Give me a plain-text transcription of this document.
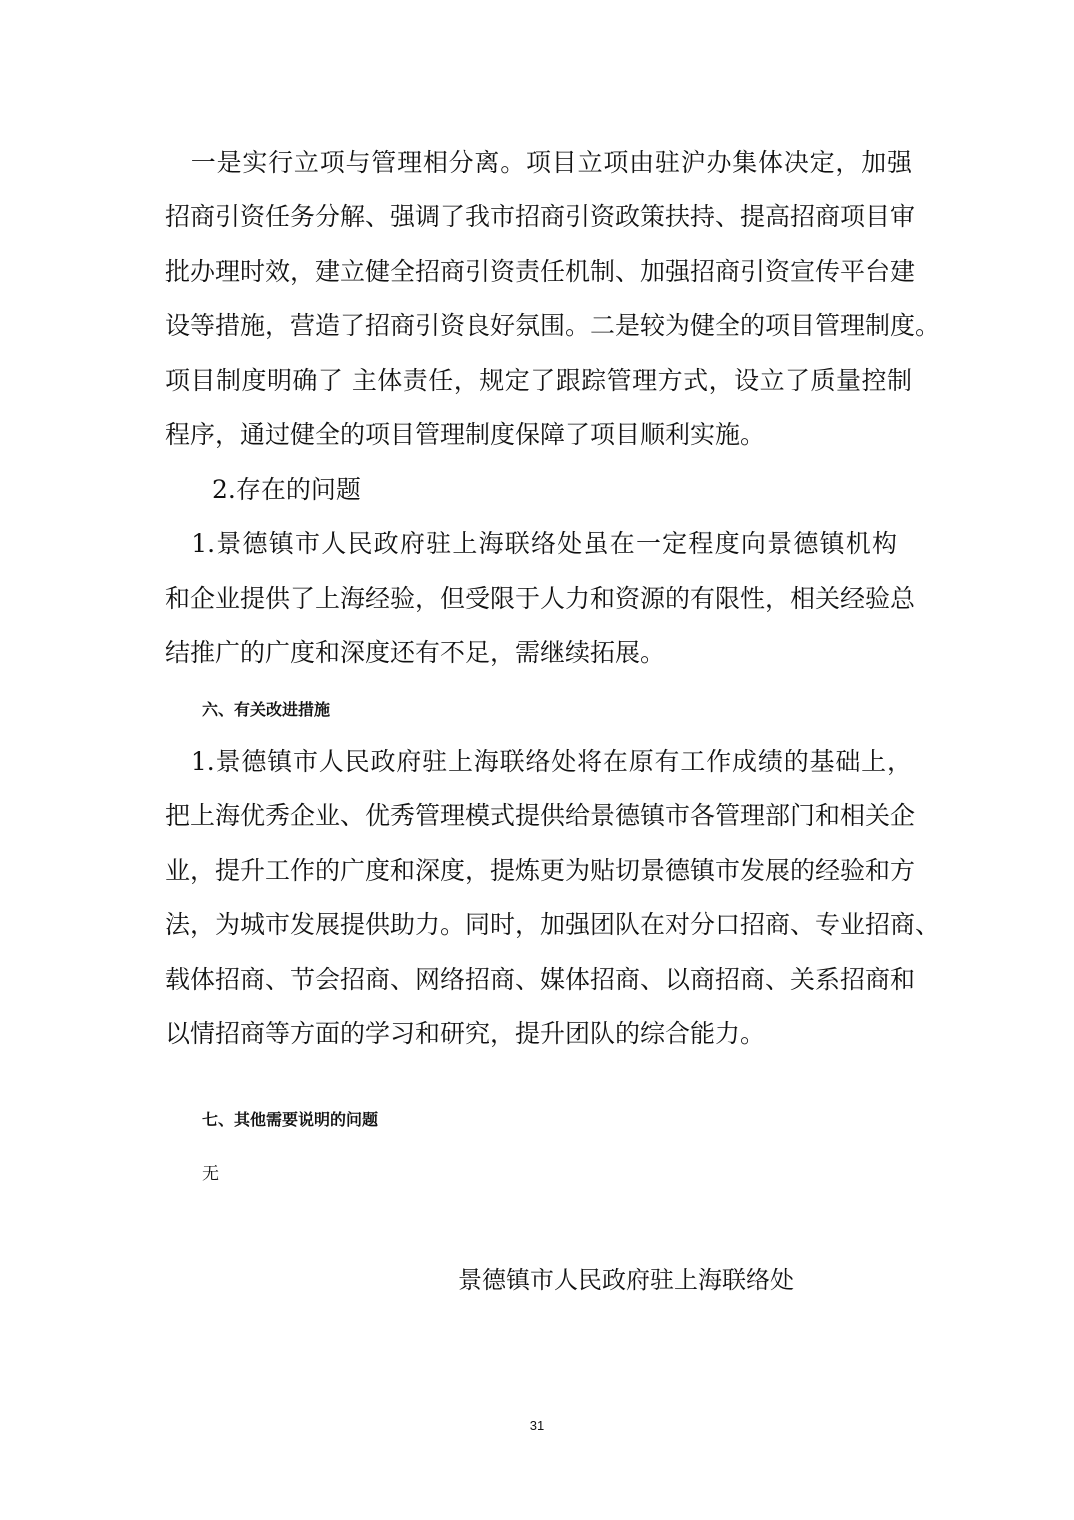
　一是实行立项与管理相分离。项目立项由驻沪办集体决定，加强
招商引资任务分解、强调了我市招商引资政策扶持、提高招商项目审
批办理时效，建立健全招商引资责任机制、加强招商引资宣传平台建
设等措施，营造了招商引资良好氛围。二是较为健全的项目管理制度。
项目制度明确了 主体责任，规定了跟踪管理方式，设立了质量控制
程序，通过健全的项目管理制度保障了项目顺利实施。
2.存在的问题
　1.景德镇市人民政府驻上海联络处虽在一定程度向景德镇机构
和企业提供了上海经验，但受限于人力和资源的有限性，相关经验总
结推广的广度和深度还有不足，需继续拓展。
六、有关改进措施
　1.景德镇市人民政府驻上海联络处将在原有工作成绩的基础上，
把上海优秀企业、优秀管理模式提供给景德镇市各管理部门和相关企
业，提升工作的广度和深度，提炼更为贴切景德镇市发展的经验和方
法，为城市发展提供助力。同时，加强团队在对分口招商、专业招商、
载体招商、节会招商、网络招商、媒体招商、以商招商、关系招商和
以情招商等方面的学习和研究，提升团队的综合能力。
七、其他需要说明的问题
无
景德镇市人民政府驻上海联络处
31
